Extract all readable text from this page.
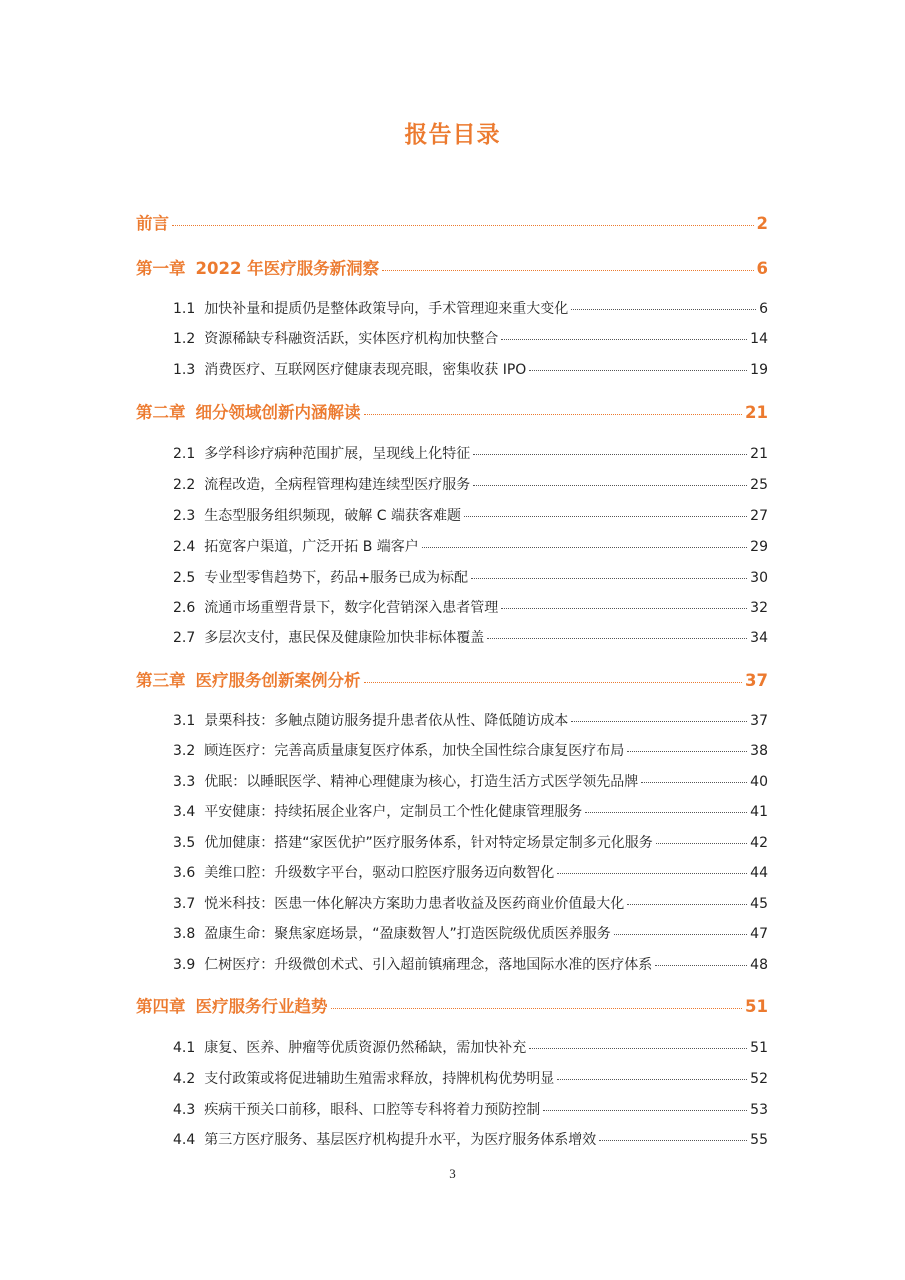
报告目录
前言	2
第一章 2022 年医疗服务新洞察	6
1.1 加快补量和提质仍是整体政策导向，手术管理迎来重大变化	6
1.2 资源稀缺专科融资活跃，实体医疗机构加快整合	14
1.3 消费医疗、互联网医疗健康表现亮眼，密集收获 IPO	19
第二章 细分领域创新内涵解读	21
2.1 多学科诊疗病种范围扩展，呈现线上化特征	21
2.2 流程改造，全病程管理构建连续型医疗服务	25
2.3 生态型服务组织频现，破解 C 端获客难题	27
2.4 拓宽客户渠道，广泛开拓 B 端客户	29
2.5 专业型零售趋势下，药品+服务已成为标配	30
2.6 流通市场重塑背景下，数字化营销深入患者管理	32
2.7 多层次支付，惠民保及健康险加快非标体覆盖	34
第三章 医疗服务创新案例分析	37
3.1 景栗科技：多触点随访服务提升患者依从性、降低随访成本	37
3.2 顾连医疗：完善高质量康复医疗体系，加快全国性综合康复医疗布局	38
3.3 优眠：以睡眠医学、精神心理健康为核心，打造生活方式医学领先品牌	40
3.4 平安健康：持续拓展企业客户，定制员工个性化健康管理服务	41
3.5 优加健康：搭建“家医优护”医疗服务体系，针对特定场景定制多元化服务	42
3.6 美维口腔：升级数字平台，驱动口腔医疗服务迈向数智化	44
3.7 悦米科技：医患一体化解决方案助力患者收益及医药商业价值最大化	45
3.8 盈康生命：聚焦家庭场景，“盈康数智人”打造医院级优质医养服务	47
3.9 仁树医疗：升级微创术式、引入超前镇痛理念，落地国际水准的医疗体系	48
第四章 医疗服务行业趋势	51
4.1 康复、医养、肿瘤等优质资源仍然稀缺，需加快补充	51
4.2 支付政策或将促进辅助生殖需求释放，持牌机构优势明显	52
4.3 疾病干预关口前移，眼科、口腔等专科将着力预防控制	53
4.4 第三方医疗服务、基层医疗机构提升水平，为医疗服务体系增效	55
3
